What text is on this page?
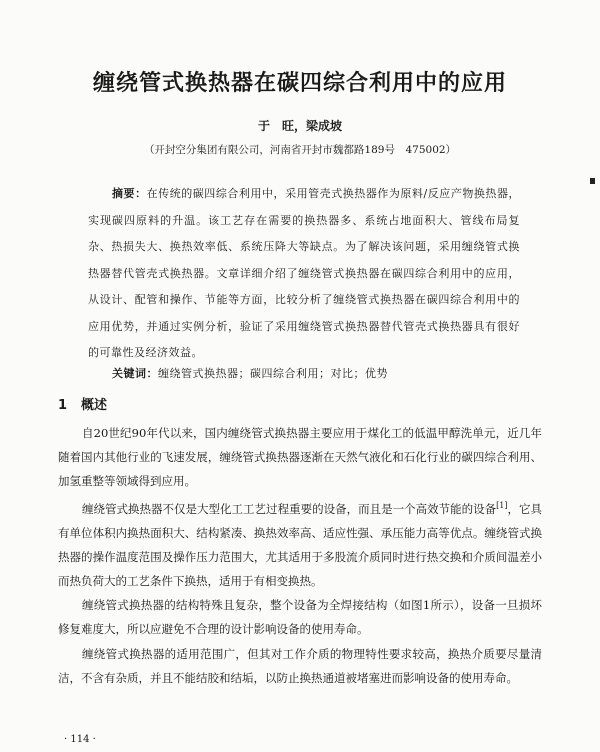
缠绕管式换热器在碳四综合利用中的应用
于　旺，梁成坡
（开封空分集团有限公司，河南省开封市魏都路189号　475002）
摘要：在传统的碳四综合利用中，采用管壳式换热器作为原料/反应产物换热器，实现碳四原料的升温。该工艺存在需要的换热器多、系统占地面积大、管线布局复杂、热损失大、换热效率低、系统压降大等缺点。为了解决该问题，采用缠绕管式换热器替代管壳式换热器。文章详细介绍了缠绕管式换热器在碳四综合利用中的应用，从设计、配管和操作、节能等方面，比较分析了缠绕管式换热器在碳四综合利用中的应用优势，并通过实例分析，验证了采用缠绕管式换热器替代管壳式换热器具有很好的可靠性及经济效益。
关键词：缠绕管式换热器；碳四综合利用；对比；优势
1 概述

自20世纪90年代以来，国内缠绕管式换热器主要应用于煤化工的低温甲醇洗单元，近几年随着国内其他行业的飞速发展，缠绕管式换热器逐渐在天然气液化和石化行业的碳四综合利用、加氢重整等领域得到应用。

缠绕管式换热器不仅是大型化工工艺过程重要的设备，而且是一个高效节能的设备[1]，它具有单位体积内换热面积大、结构紧凑、换热效率高、适应性强、承压能力高等优点。缠绕管式换热器的操作温度范围及操作压力范围大，尤其适用于多股流介质同时进行热交换和介质间温差小而热负荷大的工艺条件下换热，适用于有相变换热。

缠绕管式换热器的结构特殊且复杂，整个设备为全焊接结构（如图1所示），设备一旦损坏修复难度大，所以应避免不合理的设计影响设备的使用寿命。

缠绕管式换热器的适用范围广，但其对工作介质的物理特性要求较高，换热介质要尽量清洁，不含有杂质，并且不能结胶和结垢，以防止换热通道被堵塞进而影响设备的使用寿命。

· 114 ·
